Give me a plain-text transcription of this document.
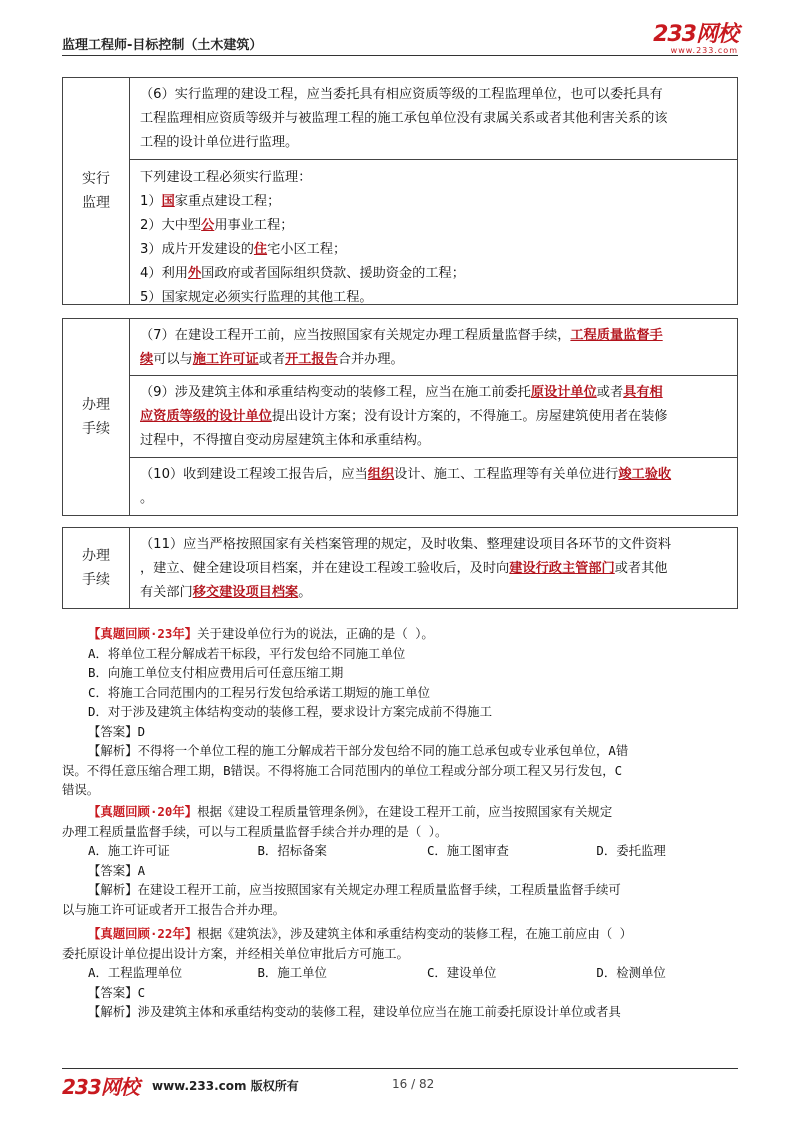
监理工程师-目标控制（土木建筑）	233网校
www.233.com
实行
监理
（6）实行监理的建设工程，应当委托具有相应资质等级的工程监理单位，也可以委托具有
工程监理相应资质等级并与被监理工程的施工承包单位没有隶属关系或者其他利害关系的该
工程的设计单位进行监理。
下列建设工程必须实行监理：
1）国家重点建设工程；
2）大中型公用事业工程；
3）成片开发建设的住宅小区工程；
4）利用外国政府或者国际组织贷款、援助资金的工程；
5）国家规定必须实行监理的其他工程。
办理
手续
（7）在建设工程开工前，应当按照国家有关规定办理工程质量监督手续，工程质量监督手
续可以与施工许可证或者开工报告合并办理。
（9）涉及建筑主体和承重结构变动的装修工程，应当在施工前委托原设计单位或者具有相
应资质等级的设计单位提出设计方案；没有设计方案的，不得施工。房屋建筑使用者在装修
过程中，不得擅自变动房屋建筑主体和承重结构。
（10）收到建设工程竣工报告后，应当组织设计、施工、工程监理等有关单位进行竣工验收
。
办理
手续
（11）应当严格按照国家有关档案管理的规定，及时收集、整理建设项目各环节的文件资料
，建立、健全建设项目档案，并在建设工程竣工验收后，及时向建设行政主管部门或者其他
有关部门移交建设项目档案。
【真题回顾·23年】关于建设单位行为的说法，正确的是（ ）。
A．将单位工程分解成若干标段，平行发包给不同施工单位
B．向施工单位支付相应费用后可任意压缩工期
C．将施工合同范围内的工程另行发包给承诺工期短的施工单位
D．对于涉及建筑主体结构变动的装修工程，要求设计方案完成前不得施工
【答案】D
【解析】不得将一个单位工程的施工分解成若干部分发包给不同的施工总承包或专业承包单位，A错
误。不得任意压缩合理工期，B错误。不得将施工合同范围内的单位工程或分部分项工程又另行发包，C
错误。
【真题回顾·20年】根据《建设工程质量管理条例》，在建设工程开工前，应当按照国家有关规定
办理工程质量监督手续，可以与工程质量监督手续合并办理的是（ ）。
A．施工许可证	B．招标备案	C．施工图审查	D．委托监理
【答案】A
【解析】在建设工程开工前，应当按照国家有关规定办理工程质量监督手续，工程质量监督手续可
以与施工许可证或者开工报告合并办理。
【真题回顾·22年】根据《建筑法》，涉及建筑主体和承重结构变动的装修工程，在施工前应由（ ）
委托原设计单位提出设计方案，并经相关单位审批后方可施工。
A．工程监理单位	B．施工单位	C．建设单位	D．检测单位
【答案】C
【解析】涉及建筑主体和承重结构变动的装修工程，建设单位应当在施工前委托原设计单位或者具
233网校 www.233.com 版权所有	16 / 82
